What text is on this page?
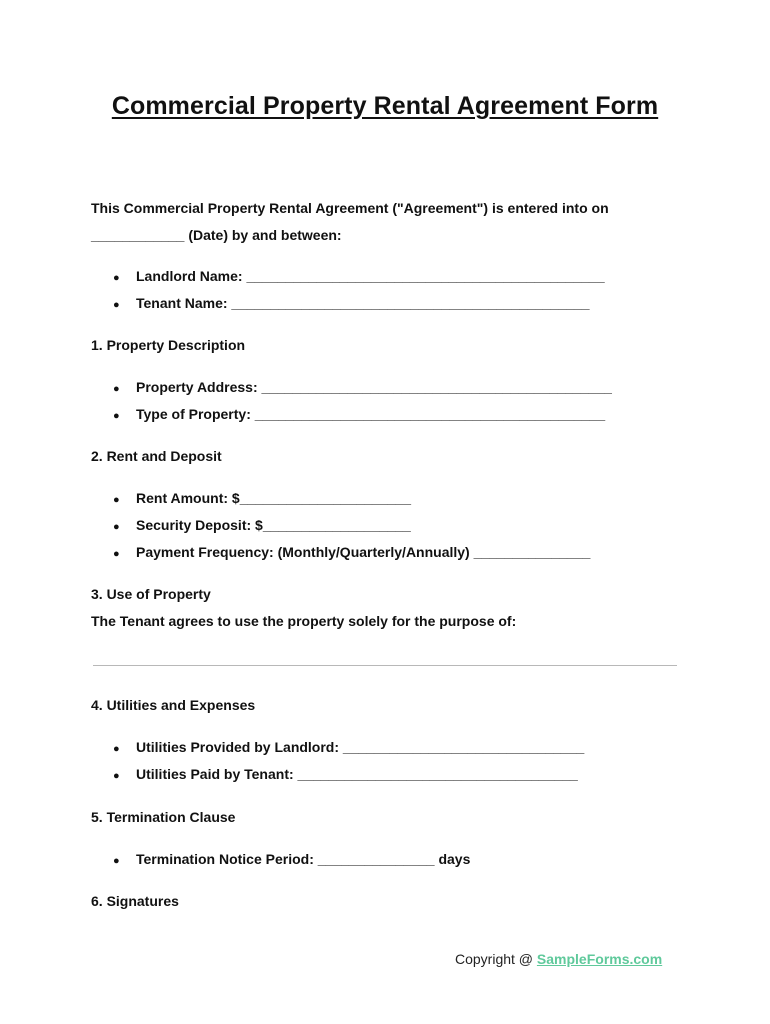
Commercial Property Rental Agreement Form
This Commercial Property Rental Agreement ("Agreement") is entered into on
____________ (Date) by and between:
● Landlord Name: ______________________________________________
● Tenant Name: ______________________________________________
1. Property Description
● Property Address: _____________________________________________
● Type of Property: _____________________________________________
2. Rent and Deposit
● Rent Amount: $______________________
● Security Deposit: $___________________
● Payment Frequency: (Monthly/Quarterly/Annually) _______________
3. Use of Property
The Tenant agrees to use the property solely for the purpose of:
4. Utilities and Expenses
● Utilities Provided by Landlord: _______________________________
● Utilities Paid by Tenant: ____________________________________
5. Termination Clause
● Termination Notice Period: _______________ days
6. Signatures
Copyright @ SampleForms.com
